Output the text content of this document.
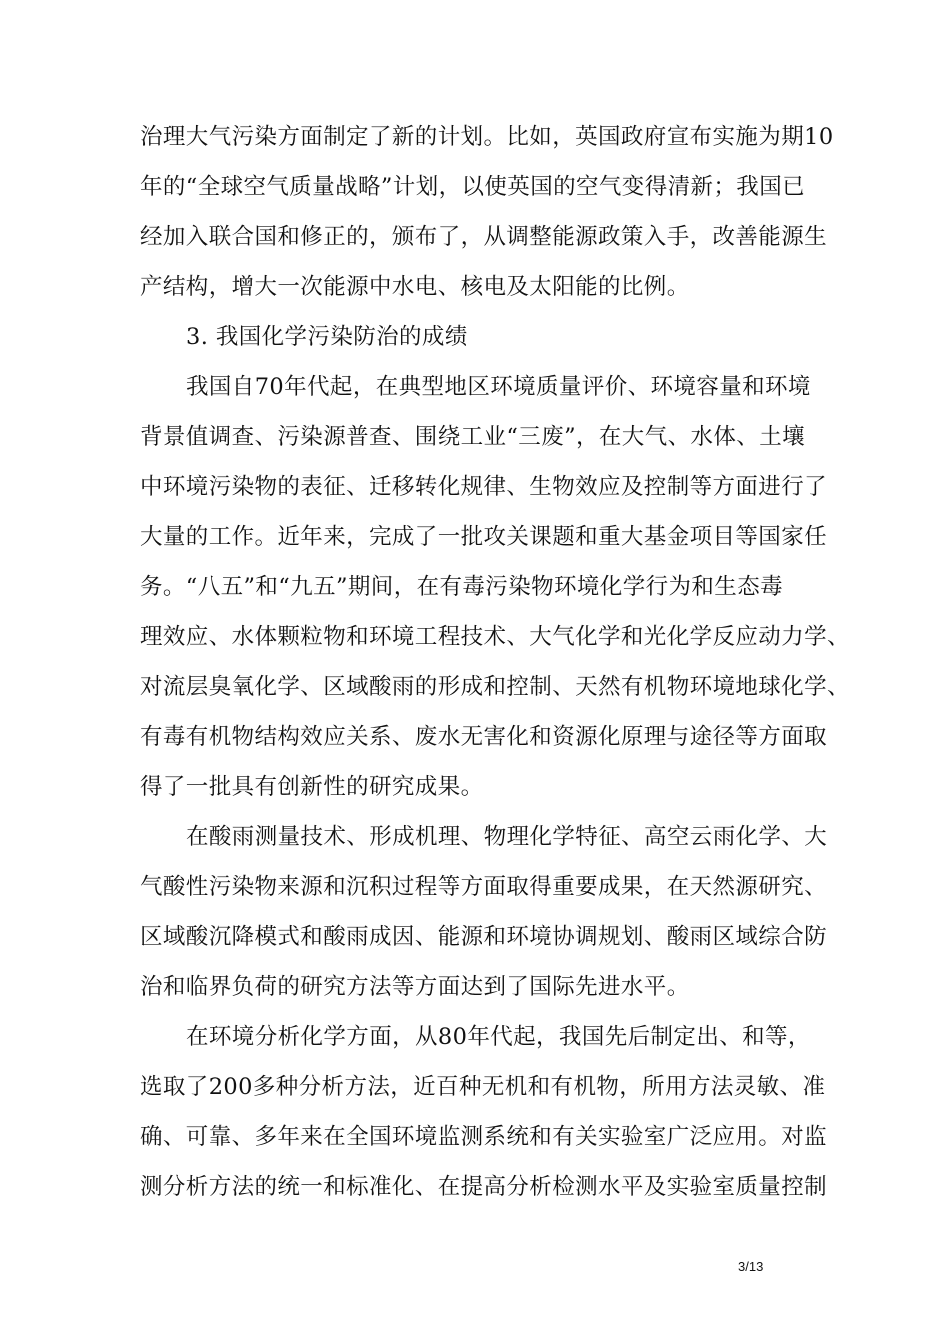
治理大气污染方面制定了新的计划。比如，英国政府宣布实施为期10
年的“全球空气质量战略”计划，以使英国的空气变得清新；我国已
经加入联合国和修正的，颁布了，从调整能源政策入手，改善能源生
产结构，增大一次能源中水电、核电及太阳能的比例。
3. 我国化学污染防治的成绩
我国自70年代起，在典型地区环境质量评价、环境容量和环境
背景值调查、污染源普查、围绕工业“三废”，在大气、水体、土壤
中环境污染物的表征、迁移转化规律、生物效应及控制等方面进行了
大量的工作。近年来，完成了一批攻关课题和重大基金项目等国家任
务。“八五”和“九五”期间，在有毒污染物环境化学行为和生态毒
理效应、水体颗粒物和环境工程技术、大气化学和光化学反应动力学、
对流层臭氧化学、区域酸雨的形成和控制、天然有机物环境地球化学、
有毒有机物结构效应关系、废水无害化和资源化原理与途径等方面取
得了一批具有创新性的研究成果。
在酸雨测量技术、形成机理、物理化学特征、高空云雨化学、大
气酸性污染物来源和沉积过程等方面取得重要成果，在天然源研究、
区域酸沉降模式和酸雨成因、能源和环境协调规划、酸雨区域综合防
治和临界负荷的研究方法等方面达到了国际先进水平。
在环境分析化学方面，从80年代起，我国先后制定出、和等，
选取了200多种分析方法，近百种无机和有机物，所用方法灵敏、准
确、可靠、多年来在全国环境监测系统和有关实验室广泛应用。对监
测分析方法的统一和标准化、在提高分析检测水平及实验室质量控制
3/13
